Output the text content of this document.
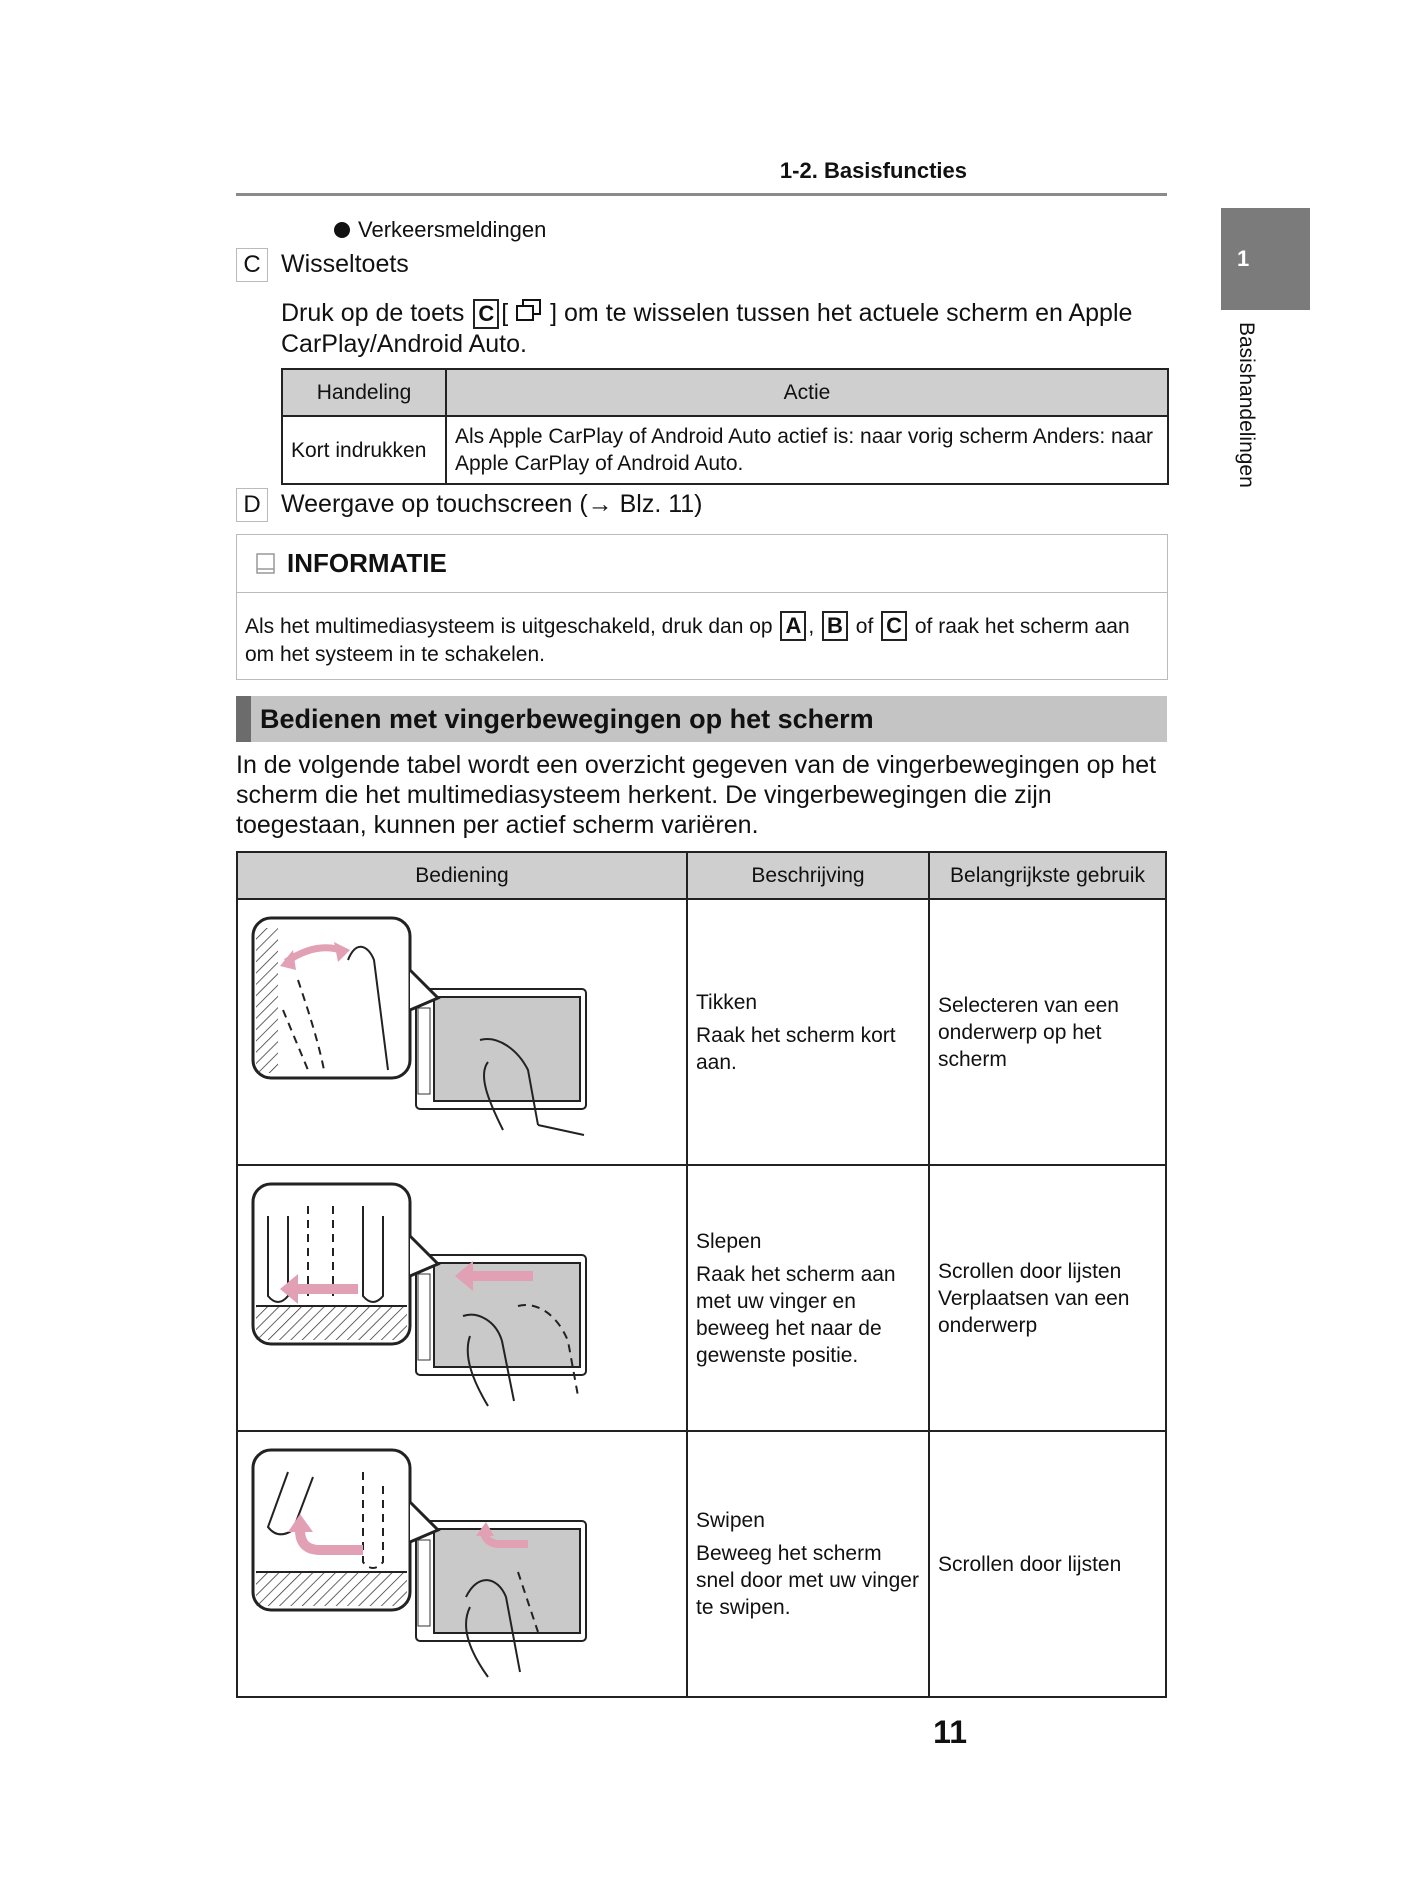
1-2. Basisfuncties
1
Basishandelingen
Verkeersmeldingen
C Wisseltoets
Druk op de toets C [ ] om te wisselen tussen het actuele scherm en Apple CarPlay/Android Auto.
Handeling	Actie
Kort indrukken	Als Apple CarPlay of Android Auto actief is: naar vorig scherm Anders: naar Apple CarPlay of Android Auto.
D Weergave op touchscreen (→ Blz. 11)
INFORMATIE
Als het multimediasysteem is uitgeschakeld, druk dan op A , B of C of raak het scherm aan om het systeem in te schakelen.
Bedienen met vingerbewegingen op het scherm
In de volgende tabel wordt een overzicht gegeven van de vingerbewegingen op het scherm die het multimediasysteem herkent. De vingerbewegingen die zijn toegestaan, kunnen per actief scherm variëren.
Bediening	Beschrijving	Belangrijkste gebruik

Tikken
Raak het scherm kort aan.	Selecteren van een onderwerp op het scherm

Slepen
Raak het scherm aan met uw vinger en beweeg het naar de gewenste positie.	Scrollen door lijsten Verplaatsen van een onderwerp

Swipen
Beweeg het scherm snel door met uw vinger te swipen.	Scrollen door lijsten
11
